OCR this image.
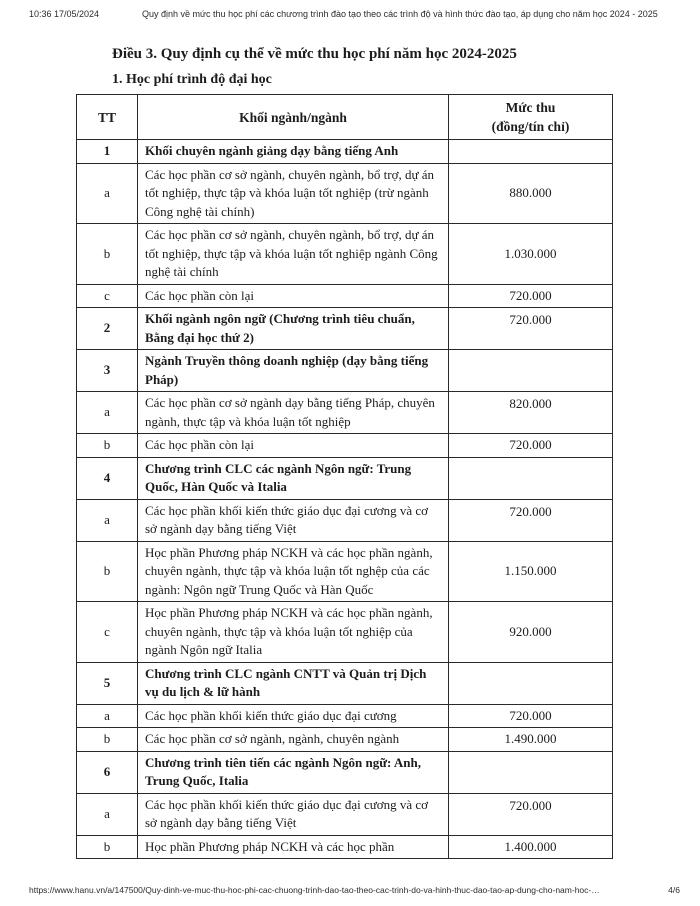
10:36 17/05/2024	Quy định về mức thu học phí các chương trình đào tạo theo các trình độ và hình thức đào tạo, áp dụng cho năm học 2024 - 2025
Điều 3. Quy định cụ thể về mức thu học phí năm học 2024-2025
1. Học phí trình độ đại học
TT	Khối ngành/ngành	Mức thu
(đồng/tín chỉ)

1	Khối chuyên ngành giảng dạy bằng tiếng Anh	
a	Các học phần cơ sở ngành, chuyên ngành, bổ trợ, dự án tốt nghiệp, thực tập và khóa luận tốt nghiệp (trừ ngành Công nghệ tài chính)	880.000
b	Các học phần cơ sở ngành, chuyên ngành, bổ trợ, dự án tốt nghiệp, thực tập và khóa luận tốt nghiệp ngành Công nghệ tài chính	1.030.000
c	Các học phần còn lại	720.000
2	Khối ngành ngôn ngữ (Chương trình tiêu chuẩn, Bằng đại học thứ 2)	720.000
3	Ngành Truyền thông doanh nghiệp (dạy bằng tiếng Pháp)	
a	Các học phần cơ sở ngành dạy bằng tiếng Pháp, chuyên ngành, thực tập và khóa luận tốt nghiệp	820.000
b	Các học phần còn lại	720.000
4	Chương trình CLC các ngành Ngôn ngữ: Trung Quốc, Hàn Quốc và Italia	
a	Các học phần khối kiến thức giáo dục đại cương và cơ sở ngành dạy bằng tiếng Việt	720.000
b	Học phần Phương pháp NCKH và các học phần ngành, chuyên ngành, thực tập và khóa luận tốt nghệp của các ngành: Ngôn ngữ Trung Quốc và Hàn Quốc	1.150.000
c	Học phần Phương pháp NCKH và các học phần ngành, chuyên ngành, thực tập và khóa luận tốt nghiệp của ngành Ngôn ngữ Italia	920.000
5	Chương trình CLC ngành CNTT và Quản trị Dịch vụ du lịch & lữ hành	
a	Các học phần khối kiến thức giáo dục đại cương	720.000
b	Các học phần cơ sở ngành, ngành, chuyên ngành	1.490.000
6	Chương trình tiên tiến các ngành Ngôn ngữ: Anh, Trung Quốc, Italia	
a	Các học phần khối kiến thức giáo dục đại cương và cơ sở ngành dạy bằng tiếng Việt	720.000
b	Học phần Phương pháp NCKH và các học phần	1.400.000
https://www.hanu.vn/a/147500/Quy-dinh-ve-muc-thu-hoc-phi-cac-chuong-trinh-dao-tao-theo-cac-trinh-do-va-hinh-thuc-dao-tao-ap-dung-cho-nam-hoc-…	4/6
